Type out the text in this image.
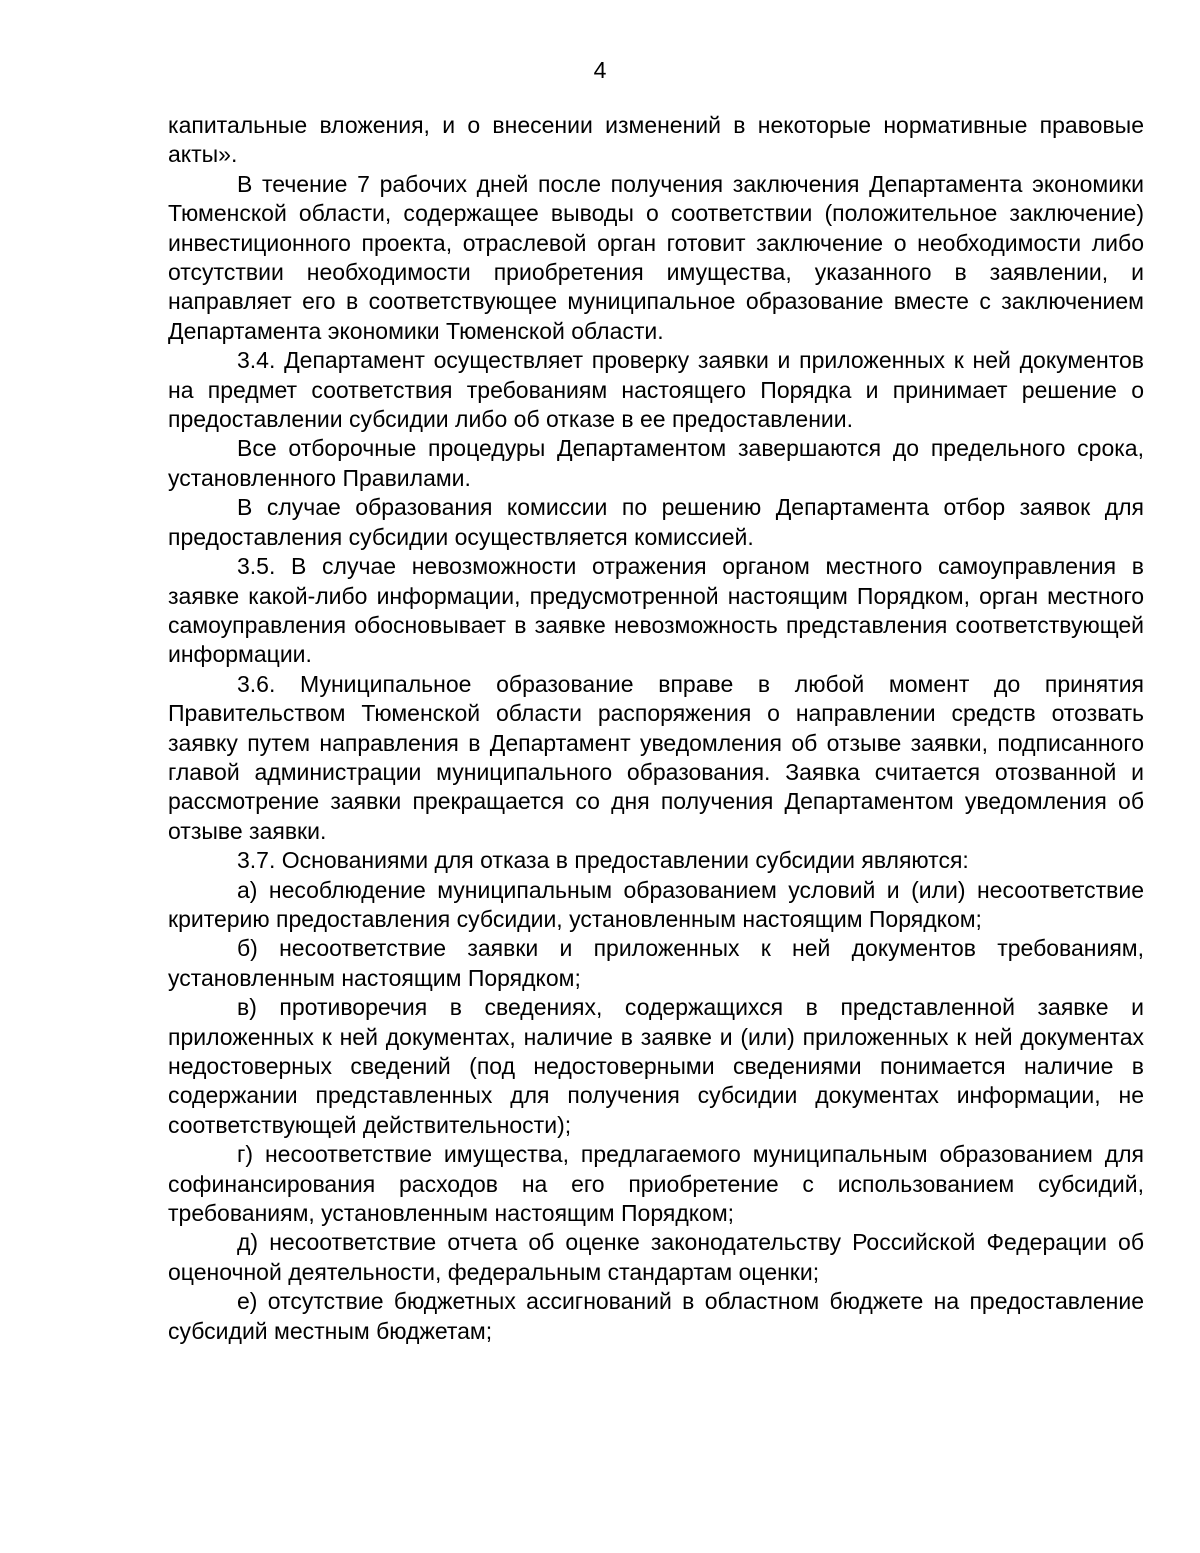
4

капитальные вложения, и о внесении изменений в некоторые нормативные правовые акты».

В течение 7 рабочих дней после получения заключения Департамента экономики Тюменской области, содержащее выводы о соответствии (положительное заключение) инвестиционного проекта, отраслевой орган готовит заключение о необходимости либо отсутствии необходимости приобретения имущества, указанного в заявлении, и направляет его в соответствующее муниципальное образование вместе с заключением Департамента экономики Тюменской области.

3.4. Департамент осуществляет проверку заявки и приложенных к ней документов на предмет соответствия требованиям настоящего Порядка и принимает решение о предоставлении субсидии либо об отказе в ее предоставлении.

Все отборочные процедуры Департаментом завершаются до предельного срока, установленного Правилами.

В случае образования комиссии по решению Департамента отбор заявок для предоставления субсидии осуществляется комиссией.

3.5. В случае невозможности отражения органом местного самоуправления в заявке какой-либо информации, предусмотренной настоящим Порядком, орган местного самоуправления обосновывает в заявке невозможность представления соответствующей информации.

3.6. Муниципальное образование вправе в любой момент до принятия Правительством Тюменской области распоряжения о направлении средств отозвать заявку путем направления в Департамент уведомления об отзыве заявки, подписанного главой администрации муниципального образования. Заявка считается отозванной и рассмотрение заявки прекращается со дня получения Департаментом уведомления об отзыве заявки.

3.7. Основаниями для отказа в предоставлении субсидии являются:

а) несоблюдение муниципальным образованием условий и (или) несоответствие критерию предоставления субсидии, установленным настоящим Порядком;

б) несоответствие заявки и приложенных к ней документов требованиям, установленным настоящим Порядком;

в) противоречия в сведениях, содержащихся в представленной заявке и приложенных к ней документах, наличие в заявке и (или) приложенных к ней документах недостоверных сведений (под недостоверными сведениями понимается наличие в содержании представленных для получения субсидии документах информации, не соответствующей действительности);

г) несоответствие имущества, предлагаемого муниципальным образованием для софинансирования расходов на его приобретение с использованием субсидий, требованиям, установленным настоящим Порядком;

д) несоответствие отчета об оценке законодательству Российской Федерации об оценочной деятельности, федеральным стандартам оценки;

е) отсутствие бюджетных ассигнований в областном бюджете на предоставление субсидий местным бюджетам;
